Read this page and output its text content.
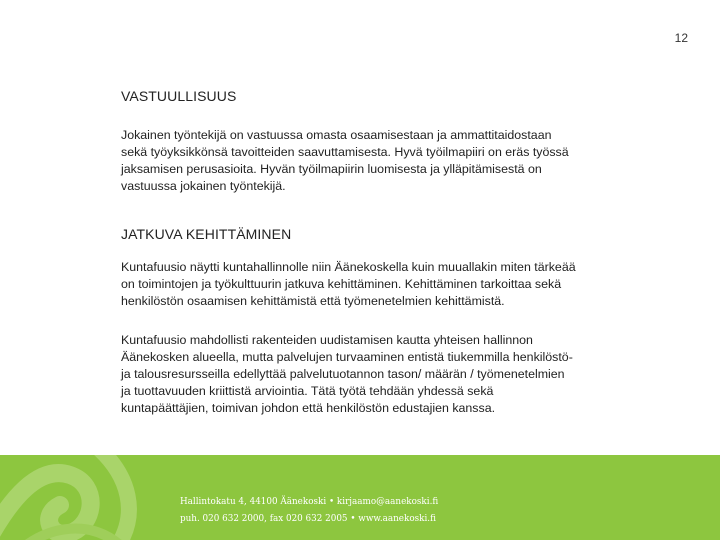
12
VASTUULLISUUS

Jokainen työntekijä on vastuussa omasta osaamisestaan ja ammattitaidostaan
sekä työyksikkönsä tavoitteiden saavuttamisesta. Hyvä työilmapiiri on eräs työssä
jaksamisen perusasioita. Hyvän työilmapiirin luomisesta ja ylläpitämisestä on
vastuussa jokainen työntekijä.

JATKUVA KEHITTÄMINEN

Kuntafuusio näytti kuntahallinnolle niin Äänekoskella kuin muuallakin miten tärkeää
on toimintojen ja työkulttuurin jatkuva kehittäminen. Kehittäminen tarkoittaa sekä
henkilöstön osaamisen kehittämistä että työmenetelmien kehittämistä.

Kuntafuusio mahdollisti rakenteiden uudistamisen kautta yhteisen hallinnon
Äänekosken alueella, mutta palvelujen turvaaminen entistä tiukemmilla henkilöstö-
ja talousresursseilla edellyttää palvelutuotannon tason/ määrän / työmenetelmien
ja tuottavuuden kriittistä arviointia. Tätä työtä tehdään yhdessä sekä
kuntapäättäjien, toimivan johdon että henkilöstön edustajien kanssa.

Hallintokatu 4, 44100 Äänekoski • kirjaamo@aanekoski.fi
puh. 020 632 2000, fax 020 632 2005 • www.aanekoski.fi
